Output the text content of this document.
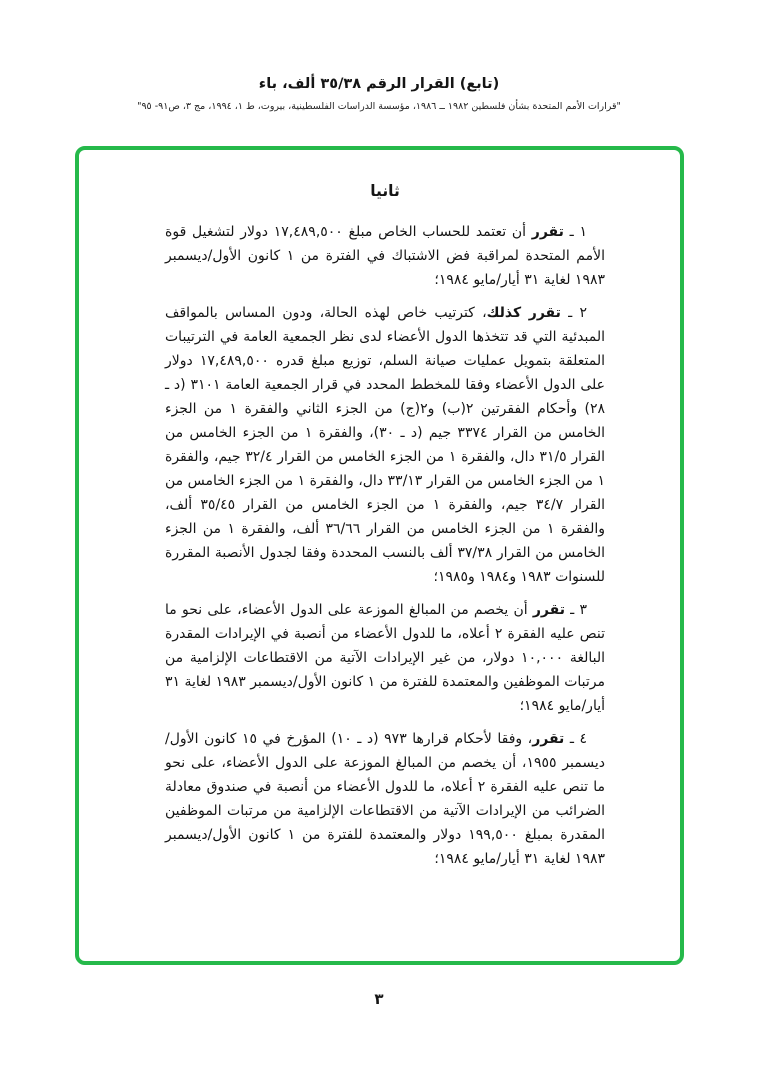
(تابع) القرار الرقم ٣٥/٣٨ ألف، باء
"قرارات الأمم المتحدة بشأن فلسطين ١٩٨٢ ــ ١٩٨٦، مؤسسة الدراسات الفلسطينية، بيروت، ط ١، ١٩٩٤، مج ٣، ص٩١- ٩٥"
ثانيا

١ ـ تقرر أن تعتمد للحساب الخاص مبلغ ١٧,٤٨٩,٥٠٠ دولار لتشغيل قوة الأمم المتحدة لمراقبة فض الاشتباك في الفترة من ١ كانون الأول/ديسمبر ١٩٨٣ لغاية ٣١ أيار/مايو ١٩٨٤؛

٢ ـ تقرر كذلك، كترتيب خاص لهذه الحالة، ودون المساس بالمواقف المبدئية التي قد تتخذها الدول الأعضاء لدى نظر الجمعية العامة في الترتيبات المتعلقة بتمويل عمليات صيانة السلم، توزيع مبلغ قدره ١٧,٤٨٩,٥٠٠ دولار على الدول الأعضاء وفقا للمخطط المحدد في قرار الجمعية العامة ٣١٠١ (د ـ ٢٨) وأحكام الفقرتين ٢(ب) و٢(ج) من الجزء الثاني والفقرة ١ من الجزء الخامس من القرار ٣٣٧٤ جيم (د ـ ٣٠)، والفقرة ١ من الجزء الخامس من القرار ٣١/٥ دال، والفقرة ١ من الجزء الخامس من القرار ٣٢/٤ جيم، والفقرة ١ من الجزء الخامس من القرار ٣٣/١٣ دال، والفقرة ١ من الجزء الخامس من القرار ٣٤/٧ جيم، والفقرة ١ من الجزء الخامس من القرار ٣٥/٤٥ ألف، والفقرة ١ من الجزء الخامس من القرار ٣٦/٦٦ ألف، والفقرة ١ من الجزء الخامس من القرار ٣٧/٣٨ ألف بالنسب المحددة وفقا لجدول الأنصبة المقررة للسنوات ١٩٨٣ و١٩٨٤ و١٩٨٥؛

٣ ـ تقرر أن يخصم من المبالغ الموزعة على الدول الأعضاء، على نحو ما تنص عليه الفقرة ٢ أعلاه، ما للدول الأعضاء من أنصبة في الإيرادات المقدرة البالغة ١٠,٠٠٠ دولار، من غير الإيرادات الآتية من الاقتطاعات الإلزامية من مرتبات الموظفين والمعتمدة للفترة من ١ كانون الأول/ديسمبر ١٩٨٣ لغاية ٣١ أيار/مايو ١٩٨٤؛

٤ ـ تقرر، وفقا لأحكام قرارها ٩٧٣ (د ـ ١٠) المؤرخ في ١٥ كانون الأول/ديسمبر ١٩٥٥، أن يخصم من المبالغ الموزعة على الدول الأعضاء، على نحو ما تنص عليه الفقرة ٢ أعلاه، ما للدول الأعضاء من أنصبة في صندوق معادلة الضرائب من الإيرادات الآتية من الاقتطاعات الإلزامية من مرتبات الموظفين المقدرة بمبلغ ١٩٩,٥٠٠ دولار والمعتمدة للفترة من ١ كانون الأول/ديسمبر ١٩٨٣ لغاية ٣١ أيار/مايو ١٩٨٤؛

٣
